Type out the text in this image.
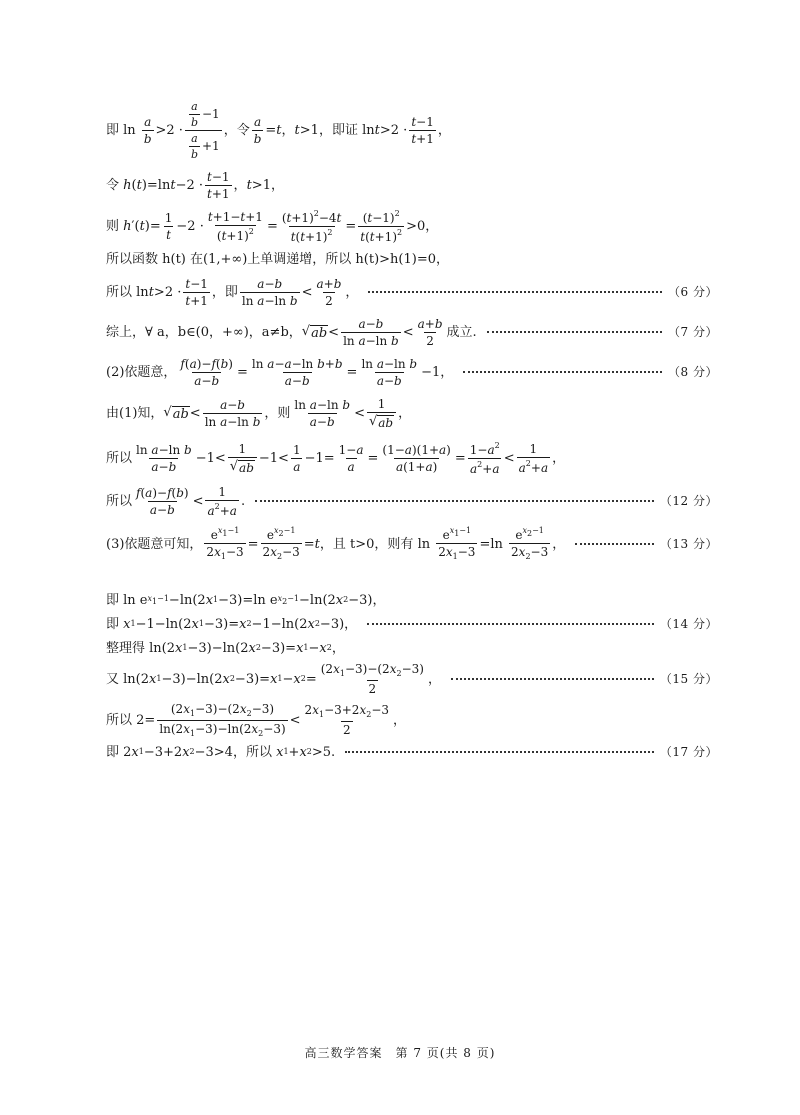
即 $\ln \frac{a}{b} >2 \cdot \frac{\frac{a}{b} -1}{\frac{a}{b} +1}$ ，令 $\frac{a}{b} = t$ ， t >1 ，即证 $\ln t >2 \cdot \frac{t-1}{t+1}$ ，
令
h ( t )=ln $t -2 \cdot \frac{t-1}{t+1}$ ， t >1 ，
则
h ′( t )= $\frac{1}{t} -2 \cdot \frac{t+1-t+1}{(t+1)^2} = \frac{(t+1)^2-4t}{t(t+1)^2} = \frac{(t-1)^2}{t(t+1)^2} >0$ ，
所以函数 h(t) 在(1,+∞)上单调递增，所以 h(t)>h(1)=0，
所以 $\ln t >2 \cdot \frac{t-1}{t+1}$ ，即 $\frac{a-b}{\text{ln a−ln b}} < \frac{a+b}{2}$ ，	（6 分）
综上，∀ a，b∈(0，+∞)，a≠b， √ ab < $\frac{a-b}{\text{ln a−ln b}} < \frac{a+b}{2}$ 成立.	（7 分）
(2)依题意， $\frac{f(a)-f(b)}{a-b} = \frac{\text{ln a−a−ln b+b}}{a-b} = \frac{\text{ln a−ln b}}{a-b} -1$，	（8 分）
由(1)知， √ ab < $\frac{a-b}{\text{ln a−ln b}}$ ，则 $\frac{\text{ln a−ln b}}{a-b} < \frac{1}{√ ab}$ ，
所以 $\frac{\text{ln a−ln b}}{a-b} -1< \frac{1}{√ ab} -1< \frac{1}{a} -1= \frac{1-a}{a} = \frac{(1-a)(1+a)}{a(1+a)} = \frac{1-a^2}{a^2+a} < \frac{1}{a^2+a}$ ，
所以 $\frac{f(a)-f(b)}{a-b} < \frac{1}{a^2+a}$ .	（12 分）
(3)依题意可知， $\frac{e^{x_1-1}}{2x_1-3} = \frac{e^{x_2-1}}{2x_2-3} = t$ ，且 t>0，则有 $\ln \frac{e^{x_1-1}}{2x_1-3} =\ln \frac{e^{x_2-1}}{2x_2-3}$ ，	（13 分）
即 ln e $x_1-1 -\ln(2$ x 1 −3)=ln e $x_2-1 -\ln(2$ x 2 −3)，
即
x 1 −1−ln(2 x 1 −3)= x 2 −1−ln(2 x 2 −3)，	（14 分）
整理得 ln(2 x 1 −3)−ln(2 x 2 −3)= x 1 − x 2 ，
又 ln(2 x 1 −3)−ln(2 x 2 −3)= x 1 − x $2 = \frac{(2x_1-3)-(2x_2-3)}{2}$ ，	（15 分）
所以 $2= \frac{(2x_1-3)-(2x_2-3)}{\ln(2x_1-3)-\ln(2x_2-3)} < \frac{2x_1-3+2x_2-3}{2}$ ，
即 2 x 1 −3+2 x 2 −3>4 ，所以
x 1 + x 2 >5.	（17 分）
高三数学答案　第 7 页(共 8 页)
